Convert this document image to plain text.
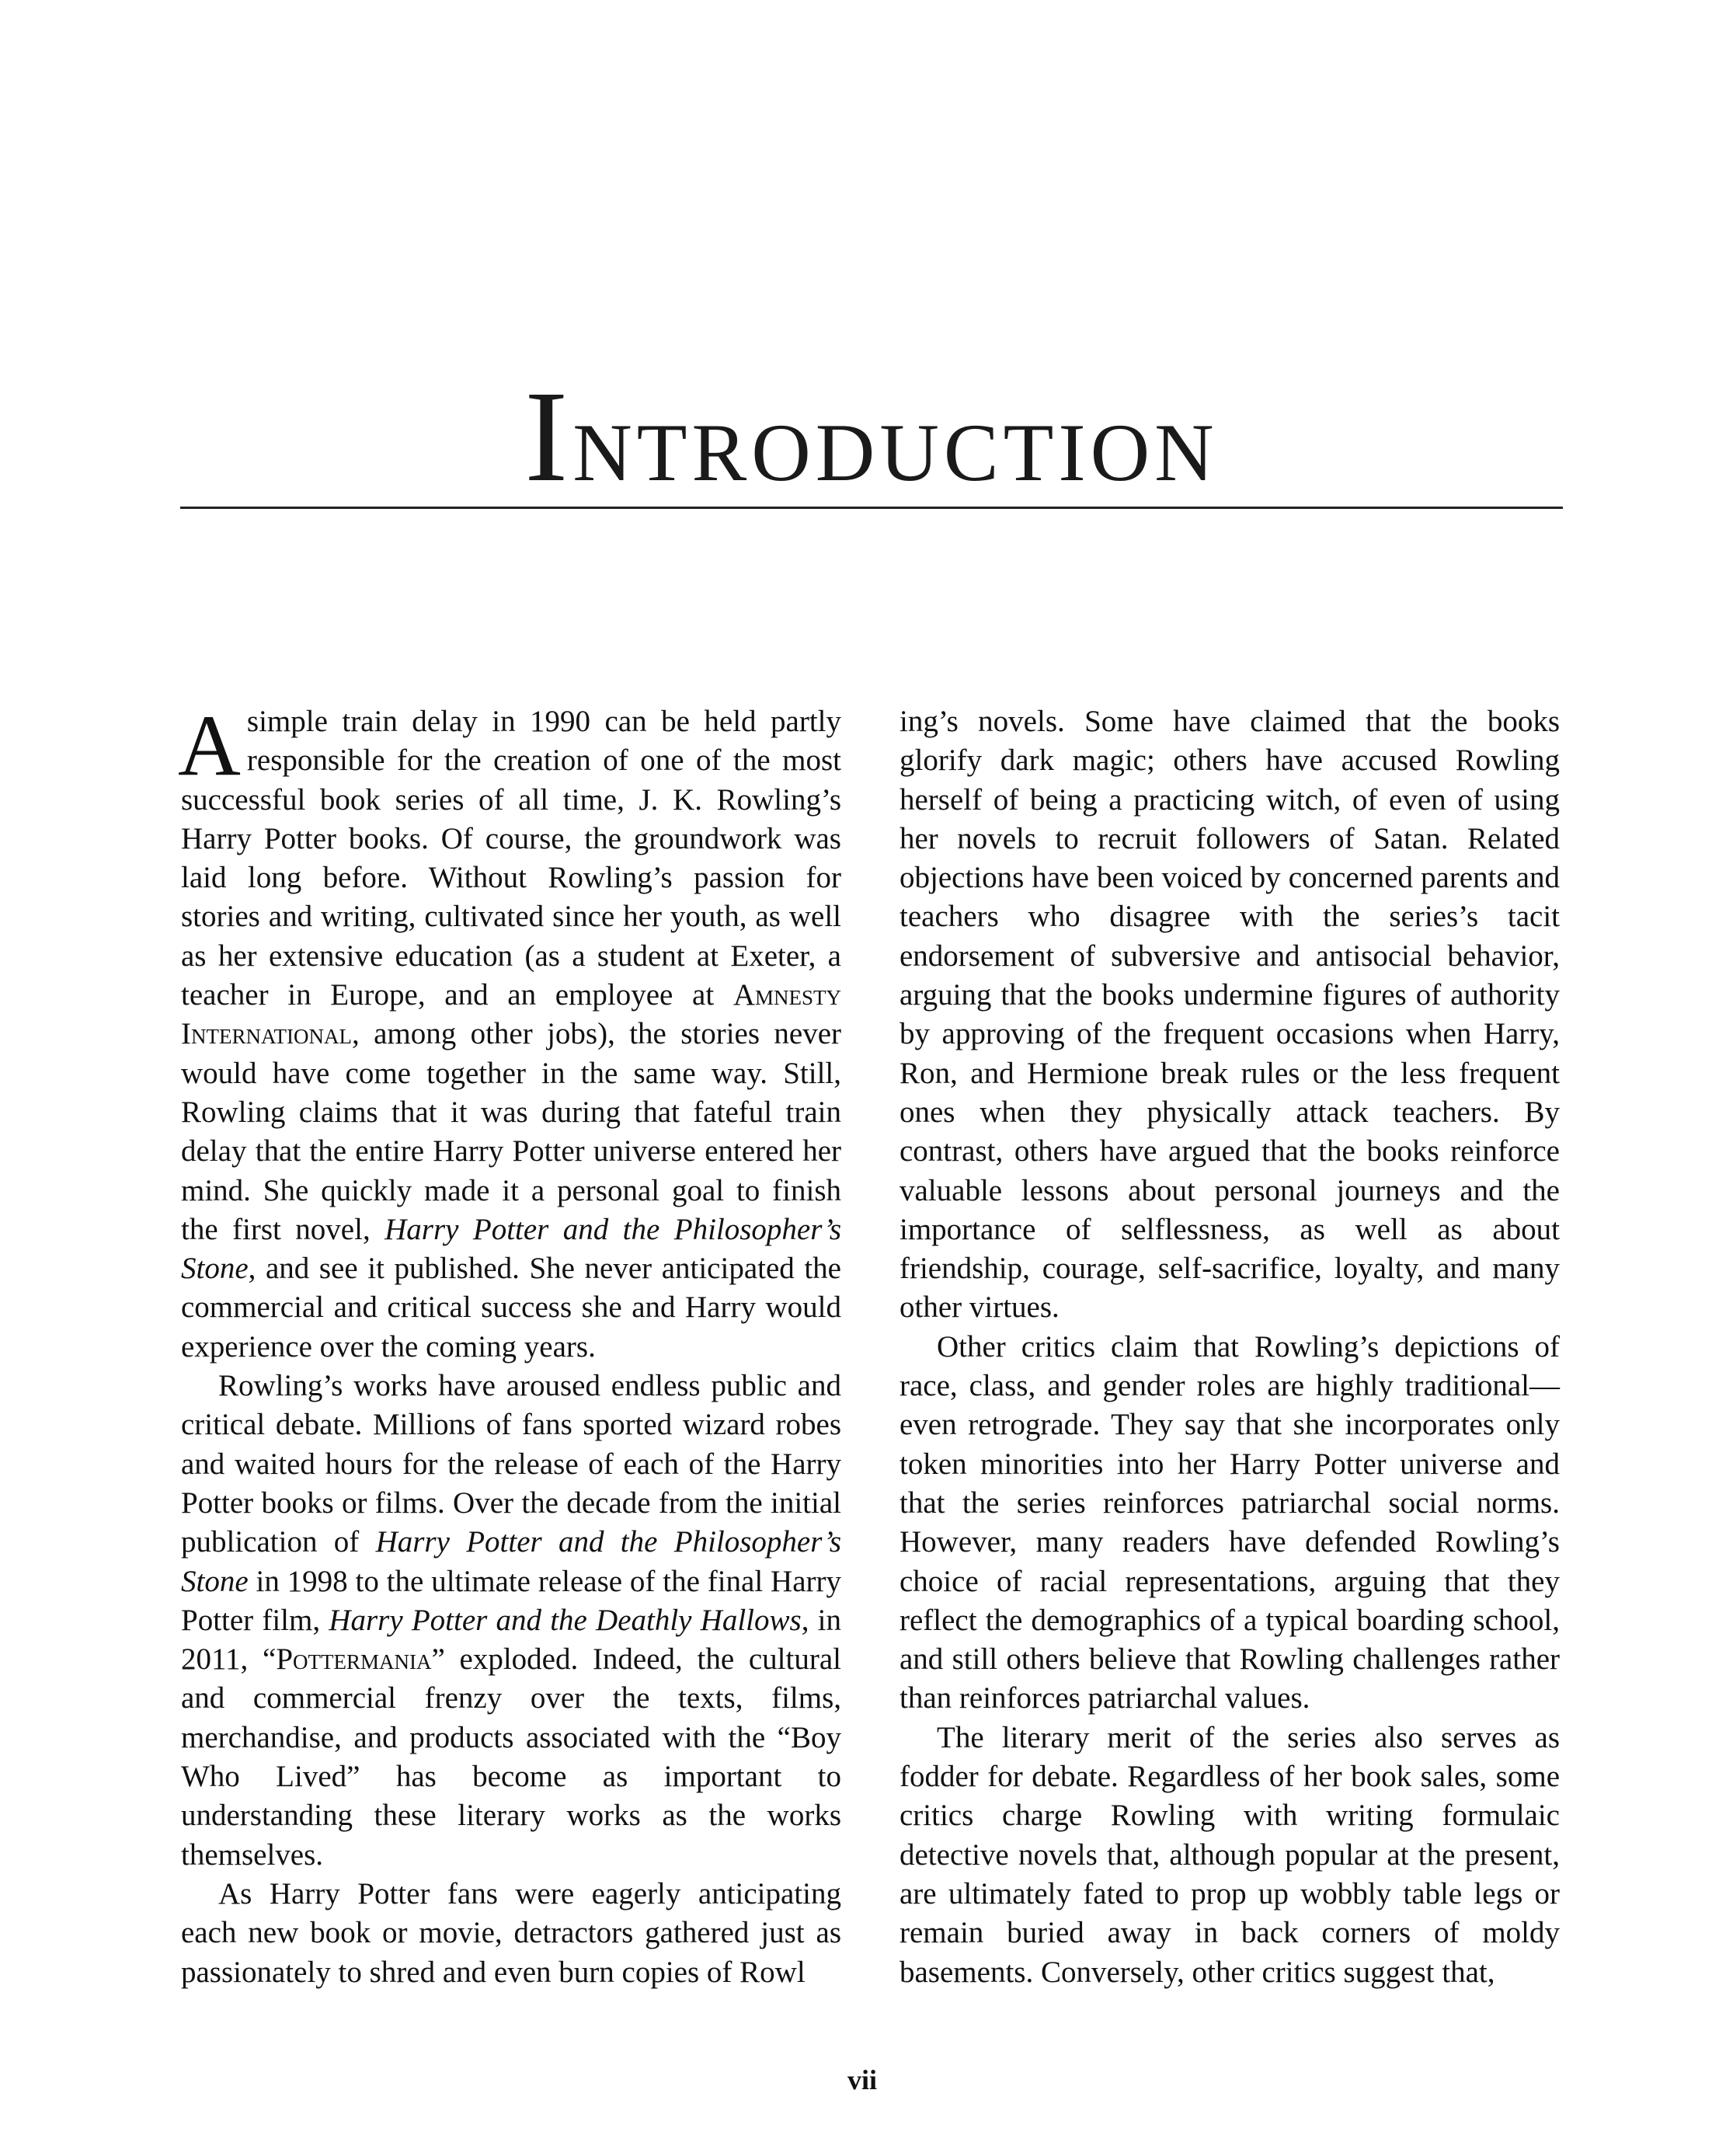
Introduction

A simple train delay in 1990 can be held partly responsible for the creation of one of the most successful book series of all time, J. K. Rowling’s Harry Potter books. Of course, the groundwork was laid long before. Without Rowling’s passion for stories and writing, cultivated since her youth, as well as her extensive education (as a student at Exeter, a teacher in Europe, and an employee at Amnesty International, among other jobs), the stories never would have come together in the same way. Still, Rowling claims that it was during that fateful train delay that the entire Harry Potter universe entered her mind. She quickly made it a personal goal to finish the first novel, Harry Potter and the Philosopher’s Stone, and see it published. She never anticipated the commercial and critical success she and Harry would experience over the coming years.

Rowling’s works have aroused endless public and critical debate. Millions of fans sported wizard robes and waited hours for the release of each of the Harry Potter books or films. Over the decade from the initial publication of Harry Potter and the Philosopher’s Stone in 1998 to the ultimate release of the final Harry Potter film, Harry Potter and the Deathly Hallows, in 2011, “Pottermania” exploded. Indeed, the cultural and commercial frenzy over the texts, films, merchandise, and products associated with the “Boy Who Lived” has become as important to understanding these literary works as the works themselves.

As Harry Potter fans were eagerly anticipating each new book or movie, detractors gathered just as passionately to shred and even burn copies of Rowl

ing’s novels. Some have claimed that the books glorify dark magic; others have accused Rowling herself of being a practicing witch, of even of using her novels to recruit followers of Satan. Related objections have been voiced by concerned parents and teachers who disagree with the series’s tacit endorsement of subversive and antisocial behavior, arguing that the books undermine figures of authority by approving of the frequent occasions when Harry, Ron, and Hermione break rules or the less frequent ones when they physically attack teachers. By contrast, others have argued that the books reinforce valuable lessons about personal journeys and the importance of selflessness, as well as about friendship, courage, self-sacrifice, loyalty, and many other virtues.

Other critics claim that Rowling’s depictions of race, class, and gender roles are highly traditional—even retrograde. They say that she incorporates only token minorities into her Harry Potter universe and that the series reinforces patriarchal social norms. However, many readers have defended Rowling’s choice of racial representations, arguing that they reflect the demographics of a typical boarding school, and still others believe that Rowling challenges rather than reinforces patriarchal values.

The literary merit of the series also serves as fodder for debate. Regardless of her book sales, some critics charge Rowling with writing formulaic detective novels that, although popular at the present, are ultimately fated to prop up wobbly table legs or remain buried away in back corners of moldy basements. Conversely, other critics suggest that,

vii
